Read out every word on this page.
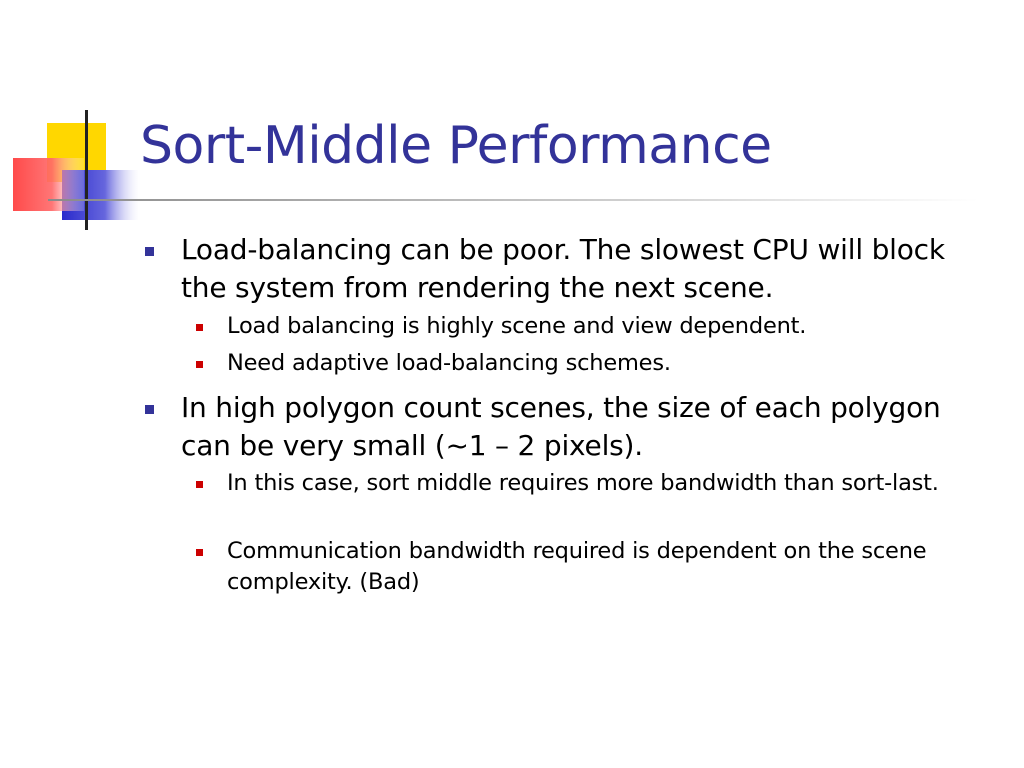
Sort-Middle Performance

Load-balancing can be poor. The slowest CPU will block the system from rendering the next scene.

Load balancing is highly scene and view dependent.

Need adaptive load-balancing schemes.

In high polygon count scenes, the size of each polygon can be very small (~1 – 2 pixels).

In this case, sort middle requires more bandwidth than sort-last.

Communication bandwidth required is dependent on the scene complexity. (Bad)
